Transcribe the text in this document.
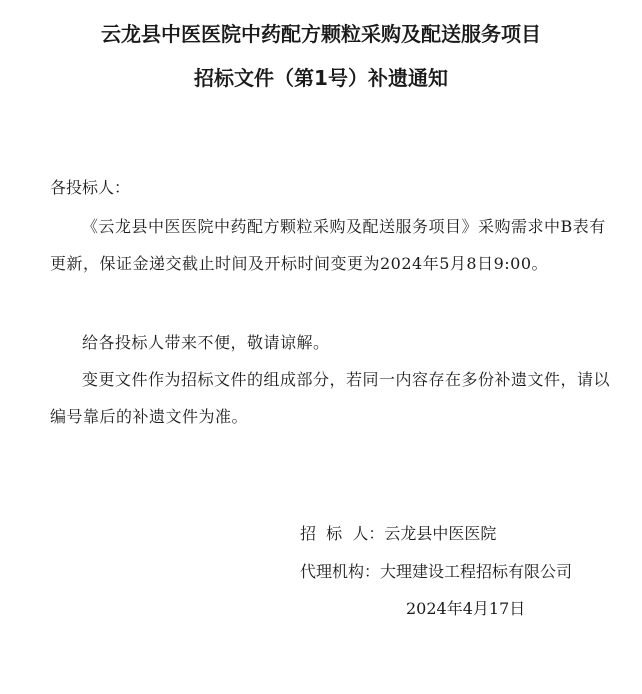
云龙县中医医院中药配方颗粒采购及配送服务项目
招标文件（第1号）补遗通知
各投标人：

《云龙县中医医院中药配方颗粒采购及配送服务项目》采购需求中B表有更新，保证金递交截止时间及开标时间变更为2024年5月8日9:00。

给各投标人带来不便，敬请谅解。

变更文件作为招标文件的组成部分，若同一内容存在多份补遗文件，请以编号靠后的补遗文件为准。

招  标  人：云龙县中医医院
代理机构：大理建设工程招标有限公司
2024年4月17日
